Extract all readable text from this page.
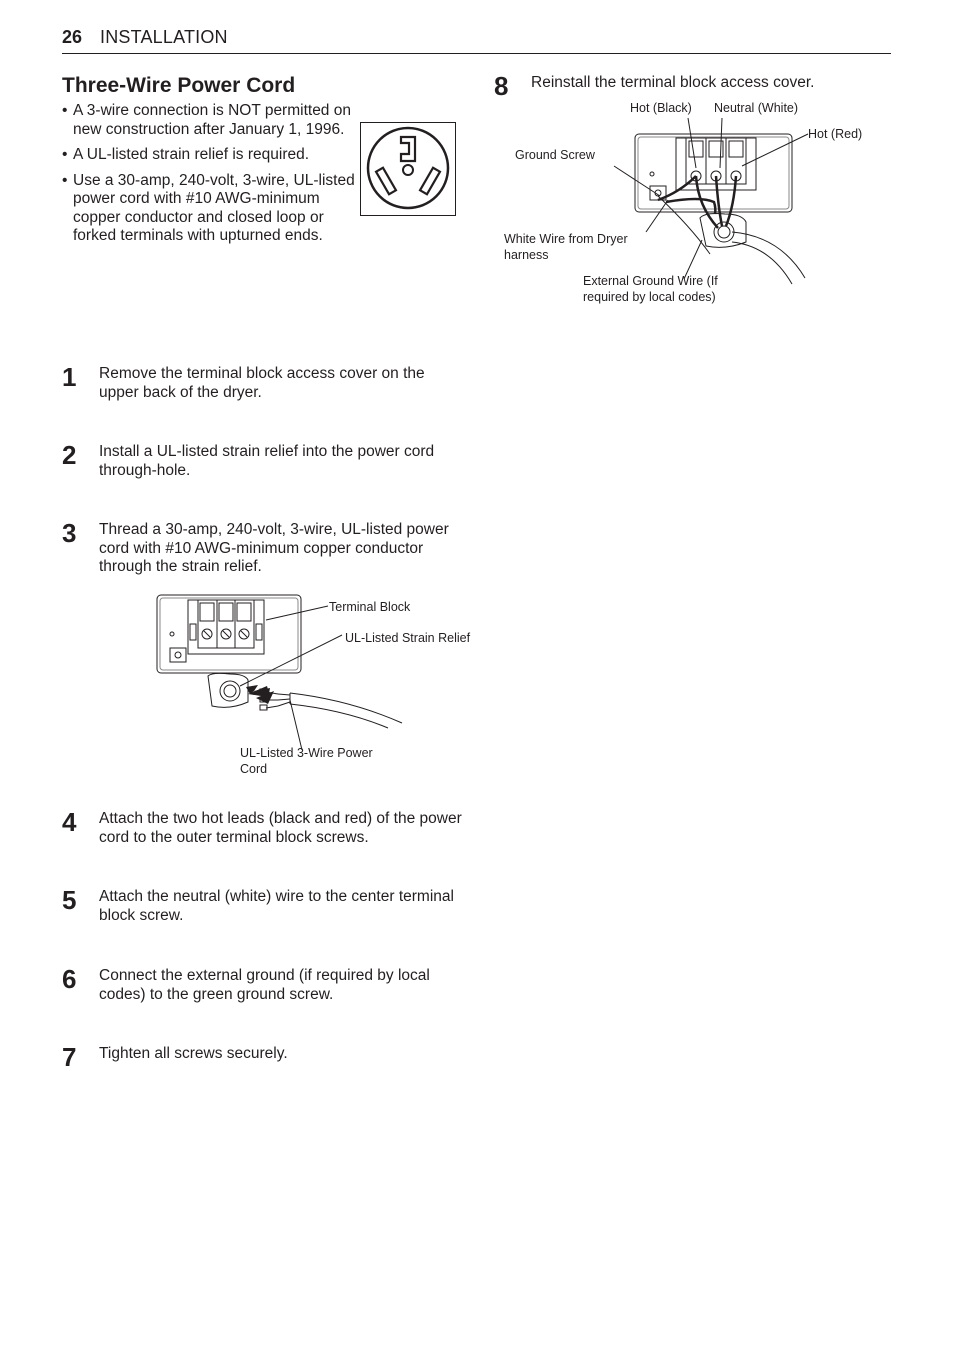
26 INSTALLATION
Three-Wire Power Cord
• A 3-wire connection is NOT permitted on new construction after January 1, 1996.
• A UL-listed strain relief is required.
• Use a 30-amp, 240-volt, 3-wire, UL-listed power cord with #10 AWG-minimum copper conductor and closed loop or forked terminals with upturned ends.
1 Remove the terminal block access cover on the upper back of the dryer.
2 Install a UL-listed strain relief into the power cord through-hole.
3 Thread a 30-amp, 240-volt, 3-wire, UL-listed power cord with #10 AWG-minimum copper conductor through the strain relief.
Terminal Block
UL-Listed Strain Relief
UL-Listed 3-Wire Power
Cord
4 Attach the two hot leads (black and red) of the power cord to the outer terminal block screws.
5 Attach the neutral (white) wire to the center terminal block screw.
6 Connect the external ground (if required by local codes) to the green ground screw.
7 Tighten all screws securely.
8 Reinstall the terminal block access cover.
Hot (Black) Neutral (White)
Hot (Red)
Ground Screw
White Wire from Dryer
harness
External Ground Wire (If
required by local codes)
